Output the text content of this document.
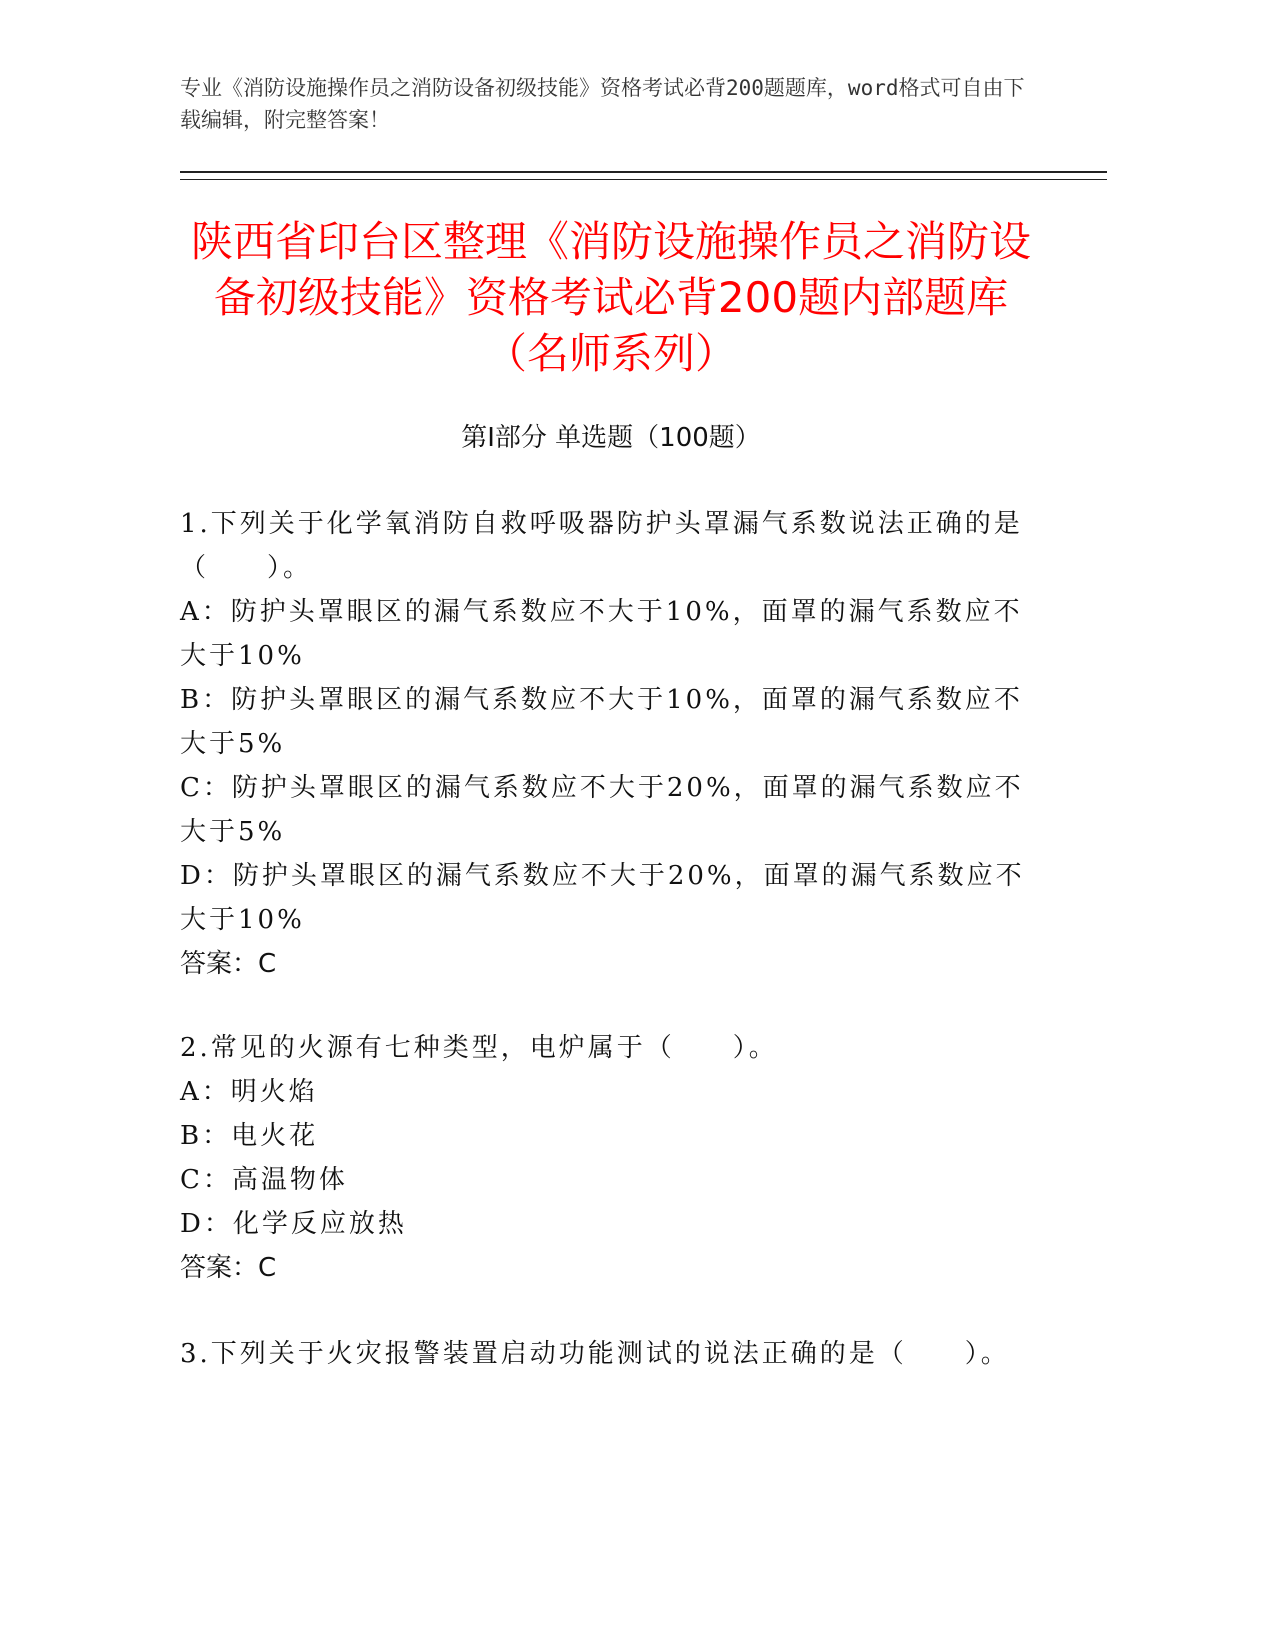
专业《消防设施操作员之消防设备初级技能》资格考试必背200题题库，word格式可自由下载编辑，附完整答案！
陕西省印台区整理《消防设施操作员之消防设备初级技能》资格考试必背200题内部题库（名师系列）
第Ⅰ部分 单选题（100题）
1.下列关于化学氧消防自救呼吸器防护头罩漏气系数说法正确的是（　　）。
A：防护头罩眼区的漏气系数应不大于10%，面罩的漏气系数应不大于10%
B：防护头罩眼区的漏气系数应不大于10%，面罩的漏气系数应不大于5%
C：防护头罩眼区的漏气系数应不大于20%，面罩的漏气系数应不大于5%
D：防护头罩眼区的漏气系数应不大于20%，面罩的漏气系数应不大于10%
答案：C
2.常见的火源有七种类型，电炉属于（　　）。
A：明火焰
B：电火花
C：高温物体
D：化学反应放热
答案：C
3.下列关于火灾报警装置启动功能测试的说法正确的是（　　）。
